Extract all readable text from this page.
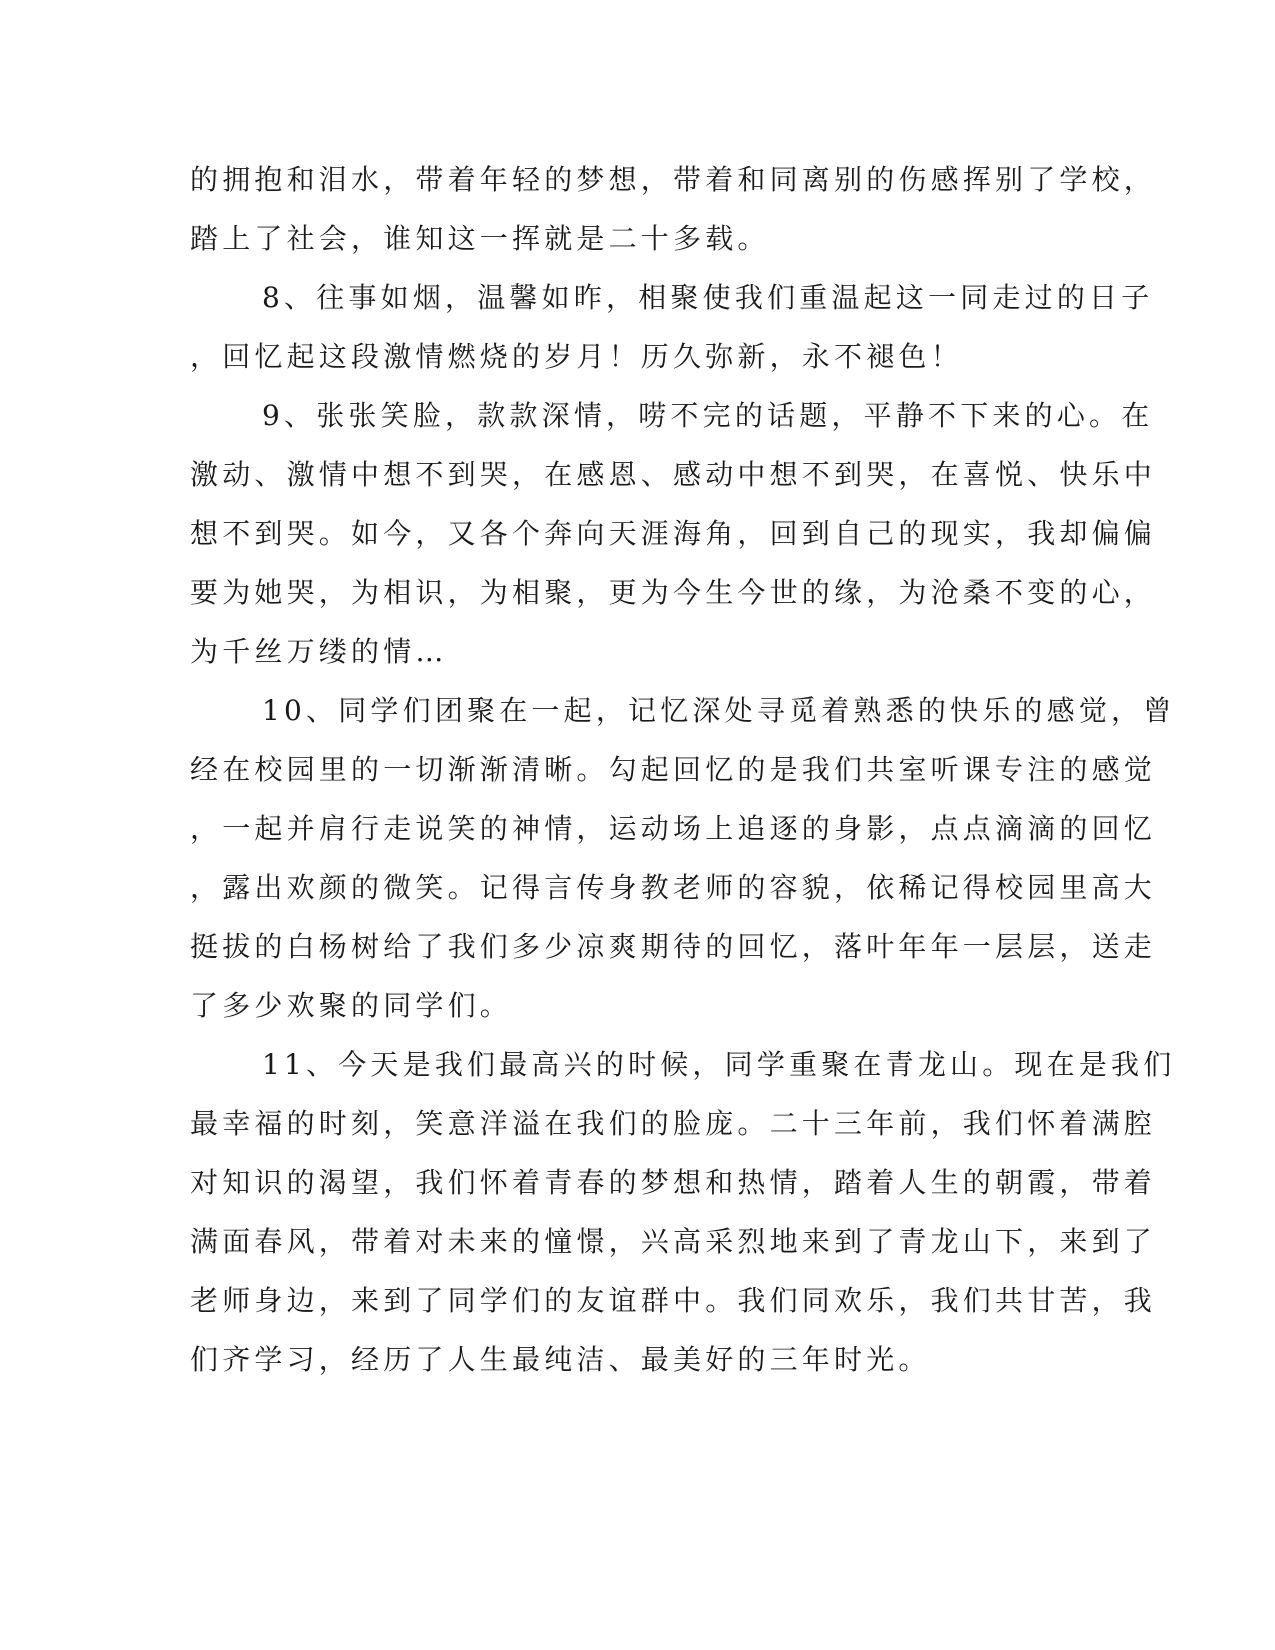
的拥抱和泪水，带着年轻的梦想，带着和同离别的伤感挥别了学校，
踏上了社会，谁知这一挥就是二十多载。
8、往事如烟，温馨如昨，相聚使我们重温起这一同走过的日子
，回忆起这段激情燃烧的岁月！历久弥新，永不褪色！
9、张张笑脸，款款深情，唠不完的话题，平静不下来的心。在
激动、激情中想不到哭，在感恩、感动中想不到哭，在喜悦、快乐中
想不到哭。如今，又各个奔向天涯海角，回到自己的现实，我却偏偏
要为她哭，为相识，为相聚，更为今生今世的缘，为沧桑不变的心，
为千丝万缕的情…
10、同学们团聚在一起，记忆深处寻觅着熟悉的快乐的感觉，曾
经在校园里的一切渐渐清晰。勾起回忆的是我们共室听课专注的感觉
，一起并肩行走说笑的神情，运动场上追逐的身影，点点滴滴的回忆
，露出欢颜的微笑。记得言传身教老师的容貌，依稀记得校园里高大
挺拔的白杨树给了我们多少凉爽期待的回忆，落叶年年一层层，送走
了多少欢聚的同学们。
11、今天是我们最高兴的时候，同学重聚在青龙山。现在是我们
最幸福的时刻，笑意洋溢在我们的脸庞。二十三年前，我们怀着满腔
对知识的渴望，我们怀着青春的梦想和热情，踏着人生的朝霞，带着
满面春风，带着对未来的憧憬，兴高采烈地来到了青龙山下，来到了
老师身边，来到了同学们的友谊群中。我们同欢乐，我们共甘苦，我
们齐学习，经历了人生最纯洁、最美好的三年时光。
